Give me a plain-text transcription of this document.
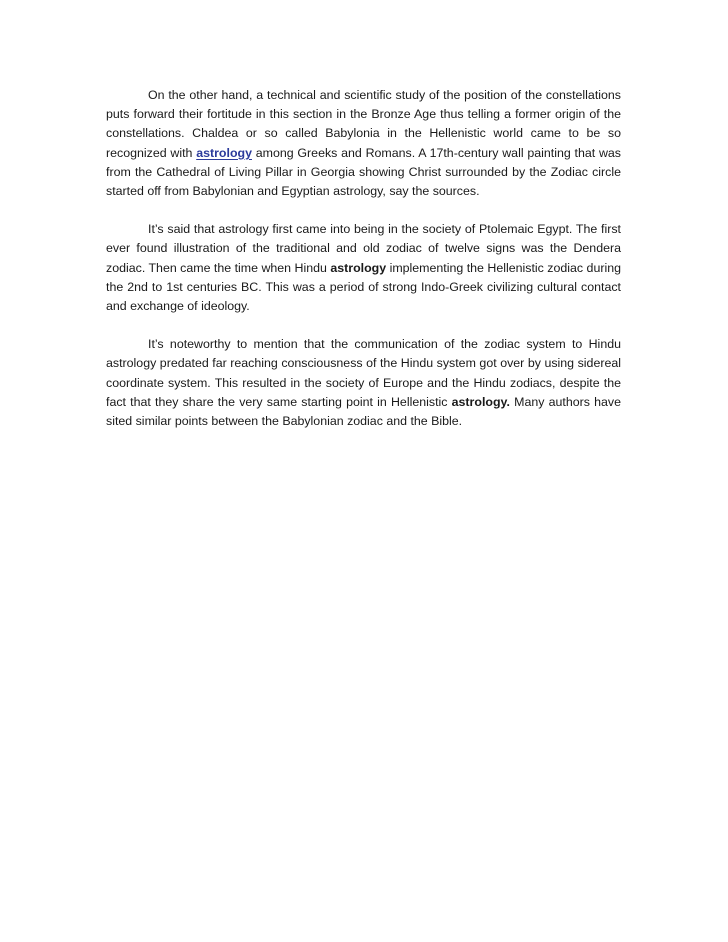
On the other hand, a technical and scientific study of the position of the constellations puts forward their fortitude in this section in the Bronze Age thus telling a former origin of the constellations. Chaldea or so called Babylonia in the Hellenistic world came to be so recognized with astrology among Greeks and Romans. A 17th-century wall painting that was from the Cathedral of Living Pillar in Georgia showing Christ surrounded by the Zodiac circle started off from Babylonian and Egyptian astrology, say the sources.

It’s said that astrology first came into being in the society of Ptolemaic Egypt. The first ever found illustration of the traditional and old zodiac of twelve signs was the Dendera zodiac. Then came the time when Hindu astrology implementing the Hellenistic zodiac during the 2nd to 1st centuries BC. This was a period of strong Indo-Greek civilizing cultural contact and exchange of ideology.

It’s noteworthy to mention that the communication of the zodiac system to Hindu astrology predated far reaching consciousness of the Hindu system got over by using sidereal coordinate system. This resulted in the society of Europe and the Hindu zodiacs, despite the fact that they share the very same starting point in Hellenistic astrology. Many authors have sited similar points between the Babylonian zodiac and the Bible.
